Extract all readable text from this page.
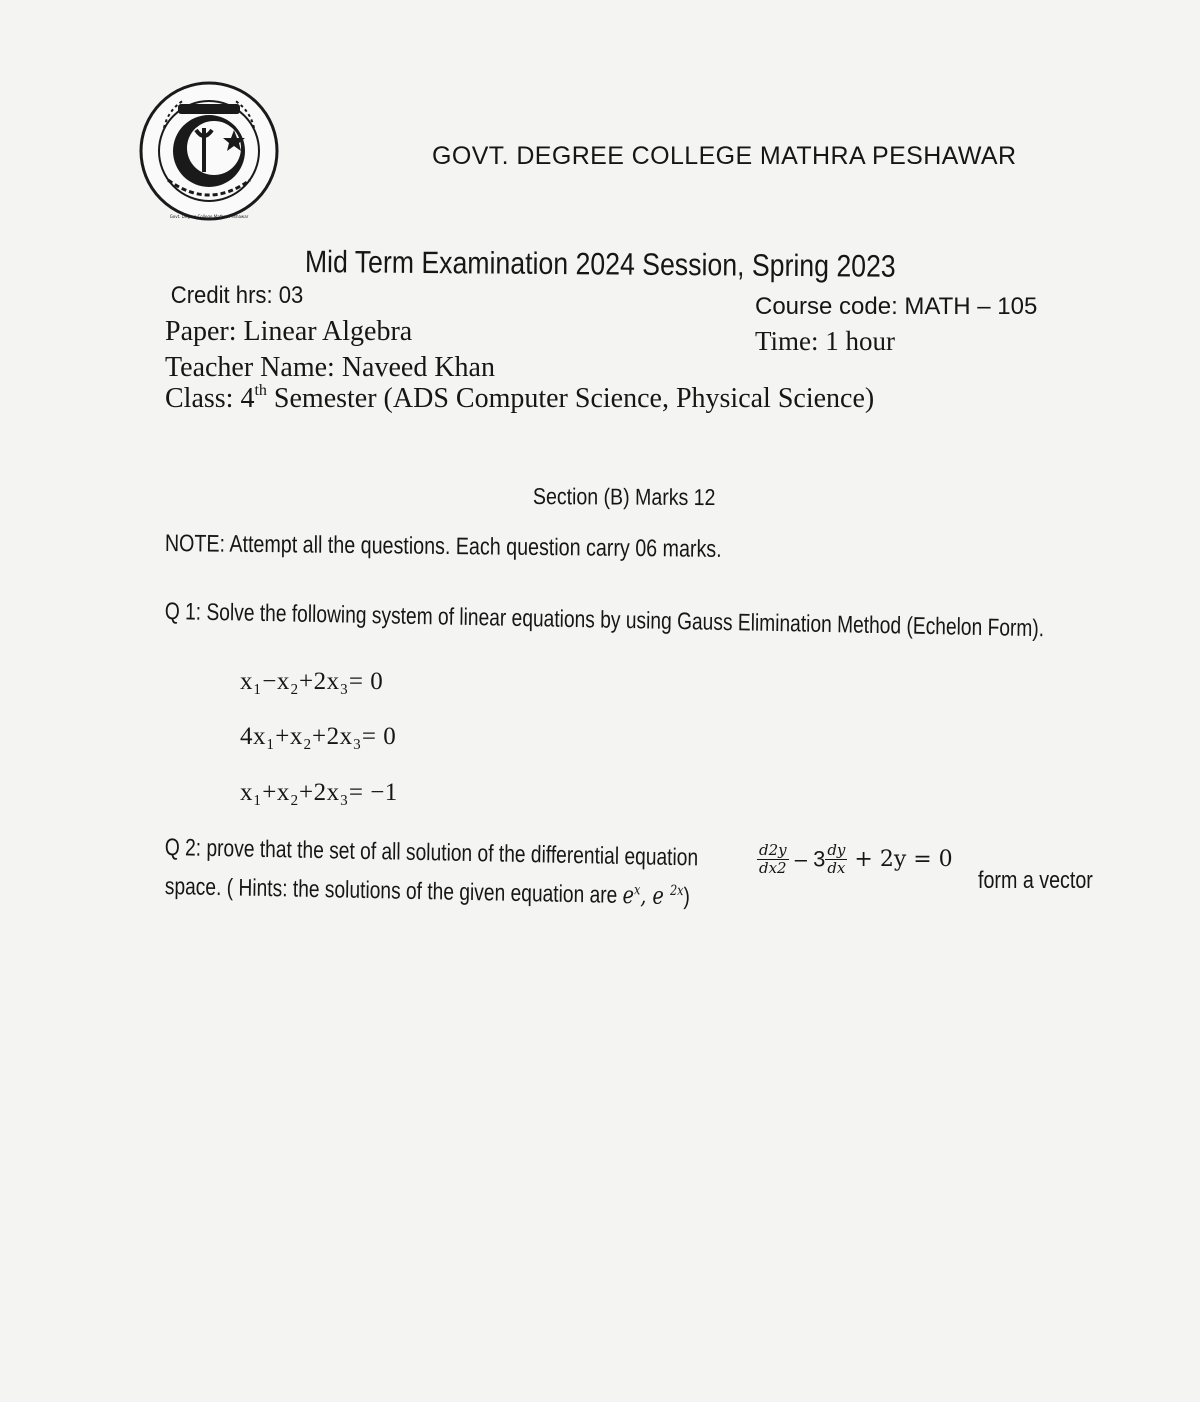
Govt. Degree College Mathra Peshawar
GOVT. DEGREE COLLEGE MATHRA PESHAWAR
Mid Term Examination 2024 Session, Spring 2023
Credit hrs: 03	Course code: MATH – 105
Paper: Linear Algebra	Time: 1 hour
Teacher Name: Naveed Khan
Class: 4th Semester (ADS Computer Science, Physical Science)
Section (B) Marks 12
NOTE: Attempt all the questions. Each question carry 06 marks.
Q 1: Solve the following system of linear equations by using Gauss Elimination Method (Echelon Form).
x₁−x₂+2x₃= 0
4x₁+x₂+2x₃= 0
x₁+x₂+2x₃= −1
Q 2: prove that the set of all solution of the differential equation	$\frac{d2y}{dx2} - 3 \frac{dy}{dx} + 2y = 0$
form a vector
space. ( Hints: the solutions of the given equation are $e^x$, e $^{2x}$)
